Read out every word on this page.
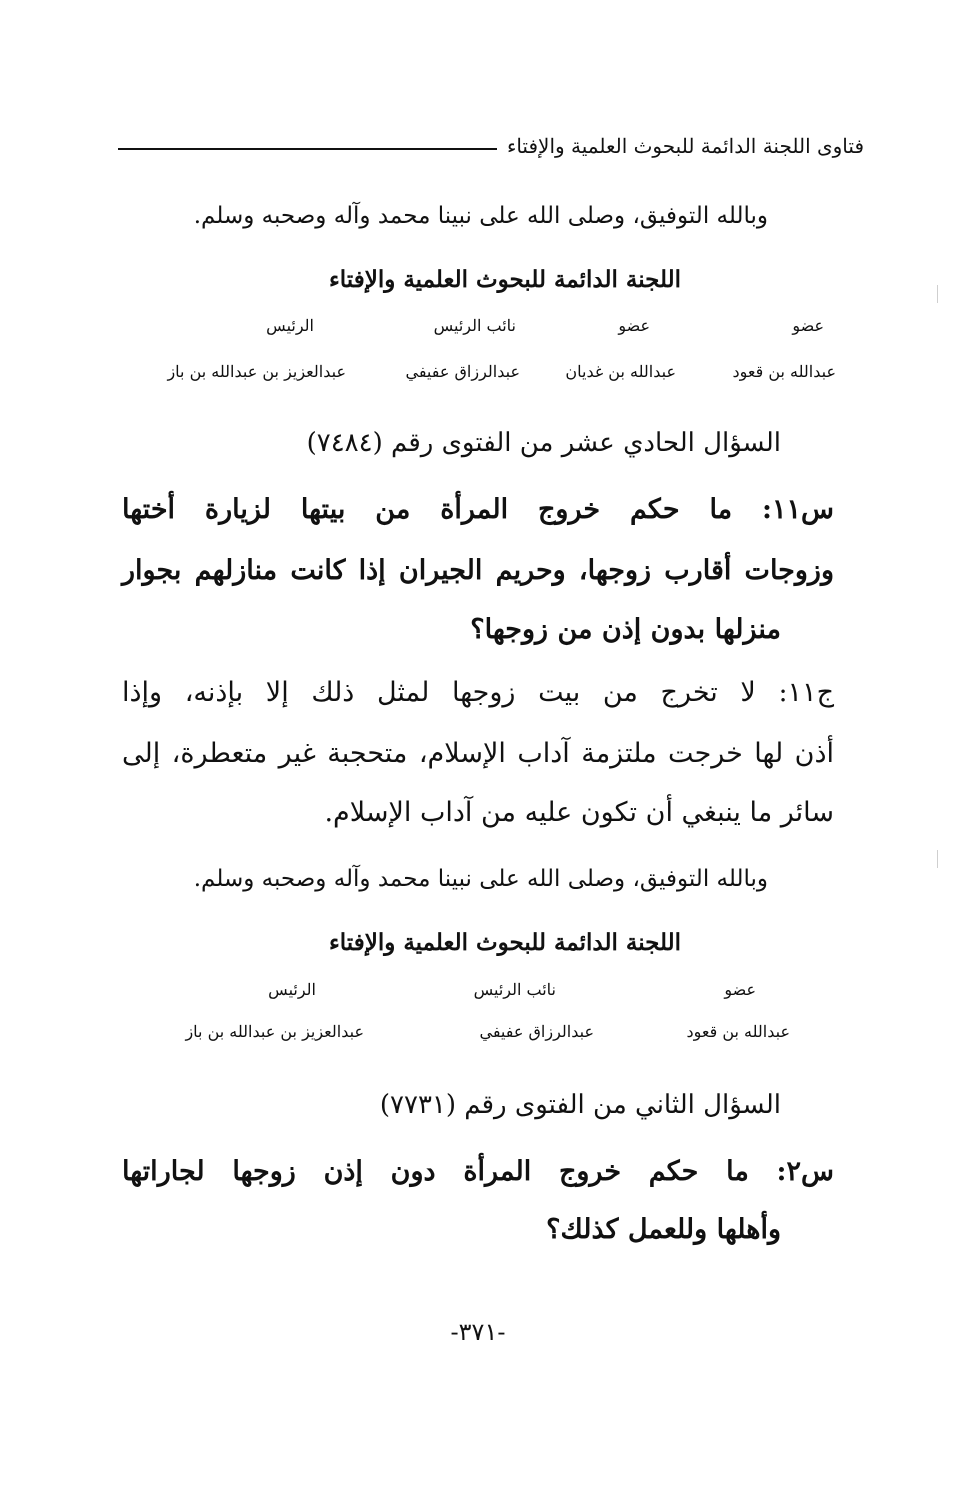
فتاوى اللجنة الدائمة للبحوث العلمية والإفتاء
وبالله التوفيق، وصلى الله على نبينا محمد وآله وصحبه وسلم.
اللجنة الدائمة للبحوث العلمية والإفتاء
عضو
عضو
نائب الرئيس
الرئيس
عبدالله بن قعود
عبدالله بن غديان
عبدالرزاق عفيفي
عبدالعزيز بن عبدالله بن باز
السؤال الحادي عشر من الفتوى رقم (٧٤٨٤)
س١١: ما حكم خروج المرأة من بيتها لزيارة أختها
وزوجات أقارب زوجها، وحريم الجيران إذا كانت منازلهم بجوار
منزلها بدون إذن من زوجها؟
ج١١: لا تخرج من بيت زوجها لمثل ذلك إلا بإذنه، وإذا
أذن لها خرجت ملتزمة آداب الإسلام، متحجبة غير متعطرة، إلى
سائر ما ينبغي أن تكون عليه من آداب الإسلام.
وبالله التوفيق، وصلى الله على نبينا محمد وآله وصحبه وسلم.
اللجنة الدائمة للبحوث العلمية والإفتاء
عضو
نائب الرئيس
الرئيس
عبدالله بن قعود
عبدالرزاق عفيفي
عبدالعزيز بن عبدالله بن باز
السؤال الثاني من الفتوى رقم (٧٧٣١)
س٢: ما حكم خروج المرأة دون إذن زوجها لجاراتها
وأهلها وللعمل كذلك؟
-٣٧١-
